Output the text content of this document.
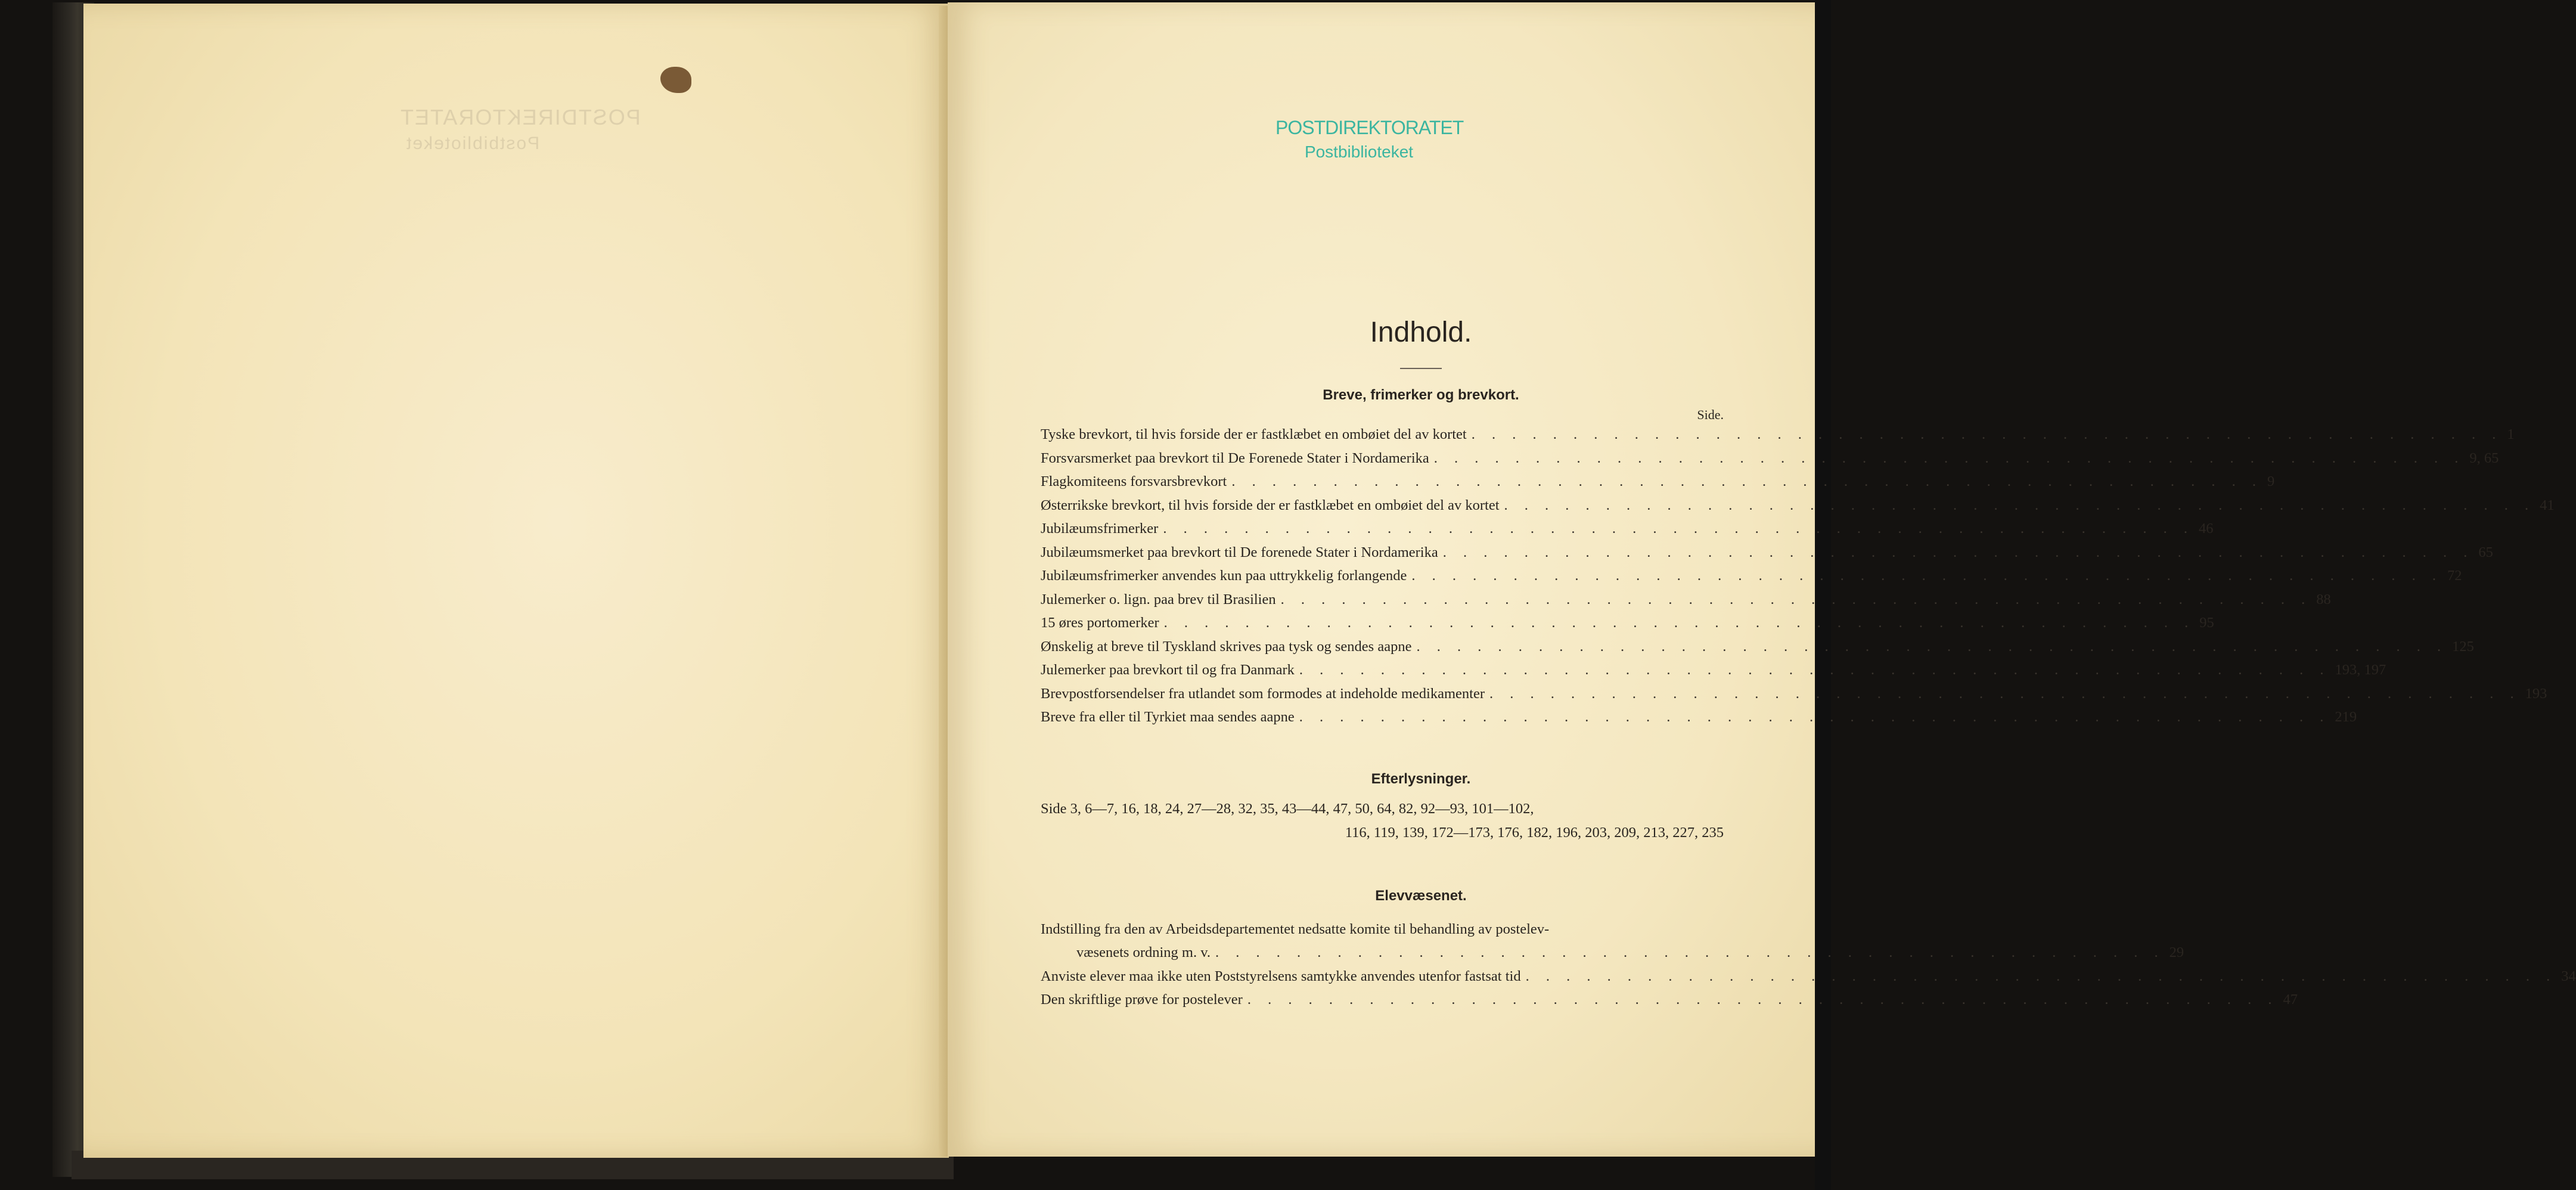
POSTDIREKTORATET
Postbiblioteket
POSTDIREKTORATET
Postbiblioteket
Indhold.
Breve, frimerker og brevkort.
Side.
Tyske brevkort, til hvis forside der er fastklæbet en ombøiet del av kortet . . . . . . . . . . . . . . . . . . . . . . . . . . . . . . . . . . . . . . . . . . . . . . . . . . . 1
Forsvarsmerket paa brevkort til De Forenede Stater i Nordamerika . . . . . . . . . . . . . . . . . . . . . . . . . . . . . . . . . . . . . . . . . . . . . . . . . . . 9, 65
Flagkomiteens forsvarsbrevkort . . . . . . . . . . . . . . . . . . . . . . . . . . . . . . . . . . . . . . . . . . . . . . . . . . . 9
Østerrikske brevkort, til hvis forside der er fastklæbet en ombøiet del av kortet . . . . . . . . . . . . . . . . . . . . . . . . . . . . . . . . . . . . . . . . . . . . . . . . . . . 41
Jubilæumsfrimerker . . . . . . . . . . . . . . . . . . . . . . . . . . . . . . . . . . . . . . . . . . . . . . . . . . . 46
Jubilæumsmerket paa brevkort til De forenede Stater i Nordamerika . . . . . . . . . . . . . . . . . . . . . . . . . . . . . . . . . . . . . . . . . . . . . . . . . . . 65
Jubilæumsfrimerker anvendes kun paa uttrykkelig forlangende . . . . . . . . . . . . . . . . . . . . . . . . . . . . . . . . . . . . . . . . . . . . . . . . . . . 72
Julemerker o. lign. paa brev til Brasilien . . . . . . . . . . . . . . . . . . . . . . . . . . . . . . . . . . . . . . . . . . . . . . . . . . . 88
15 øres portomerker . . . . . . . . . . . . . . . . . . . . . . . . . . . . . . . . . . . . . . . . . . . . . . . . . . . 95
Ønskelig at breve til Tyskland skrives paa tysk og sendes aapne . . . . . . . . . . . . . . . . . . . . . . . . . . . . . . . . . . . . . . . . . . . . . . . . . . . 125
Julemerker paa brevkort til og fra Danmark . . . . . . . . . . . . . . . . . . . . . . . . . . . . . . . . . . . . . . . . . . . . . . . . . . . 193, 197
Brevpostforsendelser fra utlandet som formodes at indeholde medikamenter . . . . . . . . . . . . . . . . . . . . . . . . . . . . . . . . . . . . . . . . . . . . . . . . . . . 193
Breve fra eller til Tyrkiet maa sendes aapne . . . . . . . . . . . . . . . . . . . . . . . . . . . . . . . . . . . . . . . . . . . . . . . . . . . 219
Efterlysninger.
Side 3, 6—7, 16, 18, 24, 27—28, 32, 35, 43—44, 47, 50, 64, 82, 92—93, 101—102,
116, 119, 139, 172—173, 176, 182, 196, 203, 209, 213, 227, 235
Elevvæsenet.
Indstilling fra den av Arbeidsdepartementet nedsatte komite til behandling av postelev-
væsenets ordning m. v. . . . . . . . . . . . . . . . . . . . . . . . . . . . . . . . . . . . . . . . . . . . . . . . 29
Anviste elever maa ikke uten Poststyrelsens samtykke anvendes utenfor fastsat tid . . . . . . . . . . . . . . . . . . . . . . . . . . . . . . . . . . . . . . . . . . . . . . . . . . . 34
Den skriftlige prøve for postelever . . . . . . . . . . . . . . . . . . . . . . . . . . . . . . . . . . . . . . . . . . . . . . . . . . . 47
